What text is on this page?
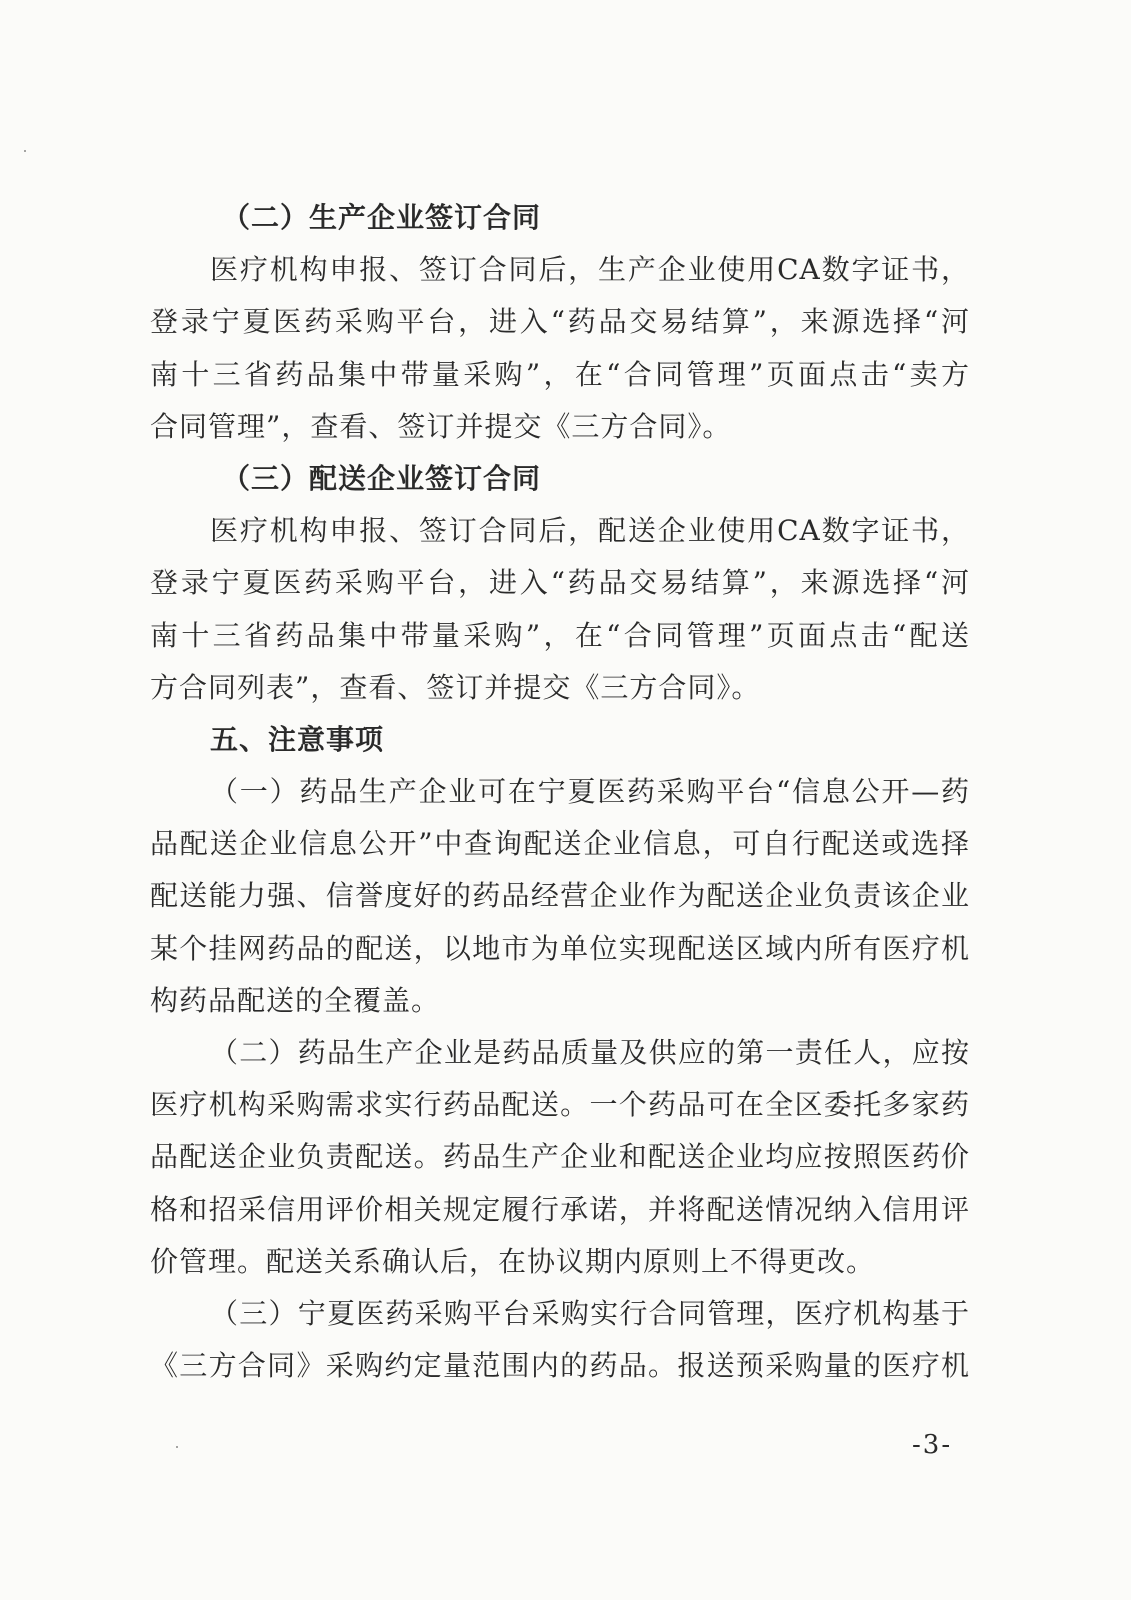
（二）生产企业签订合同
医疗机构申报、签订合同后，生产企业使用CA数字证书，
登录宁夏医药采购平台，进入“药品交易结算”，来源选择“河
南十三省药品集中带量采购”，在“合同管理”页面点击“卖方
合同管理”，查看、签订并提交《三方合同》。
（三）配送企业签订合同
医疗机构申报、签订合同后，配送企业使用CA数字证书，
登录宁夏医药采购平台，进入“药品交易结算”，来源选择“河
南十三省药品集中带量采购”，在“合同管理”页面点击“配送
方合同列表”，查看、签订并提交《三方合同》。
五、注意事项
（一）药品生产企业可在宁夏医药采购平台“信息公开—药
品配送企业信息公开”中查询配送企业信息，可自行配送或选择
配送能力强、信誉度好的药品经营企业作为配送企业负责该企业
某个挂网药品的配送，以地市为单位实现配送区域内所有医疗机
构药品配送的全覆盖。
（二）药品生产企业是药品质量及供应的第一责任人，应按
医疗机构采购需求实行药品配送。一个药品可在全区委托多家药
品配送企业负责配送。药品生产企业和配送企业均应按照医药价
格和招采信用评价相关规定履行承诺，并将配送情况纳入信用评
价管理。配送关系确认后，在协议期内原则上不得更改。
（三）宁夏医药采购平台采购实行合同管理，医疗机构基于
《三方合同》采购约定量范围内的药品。报送预采购量的医疗机
-3-
